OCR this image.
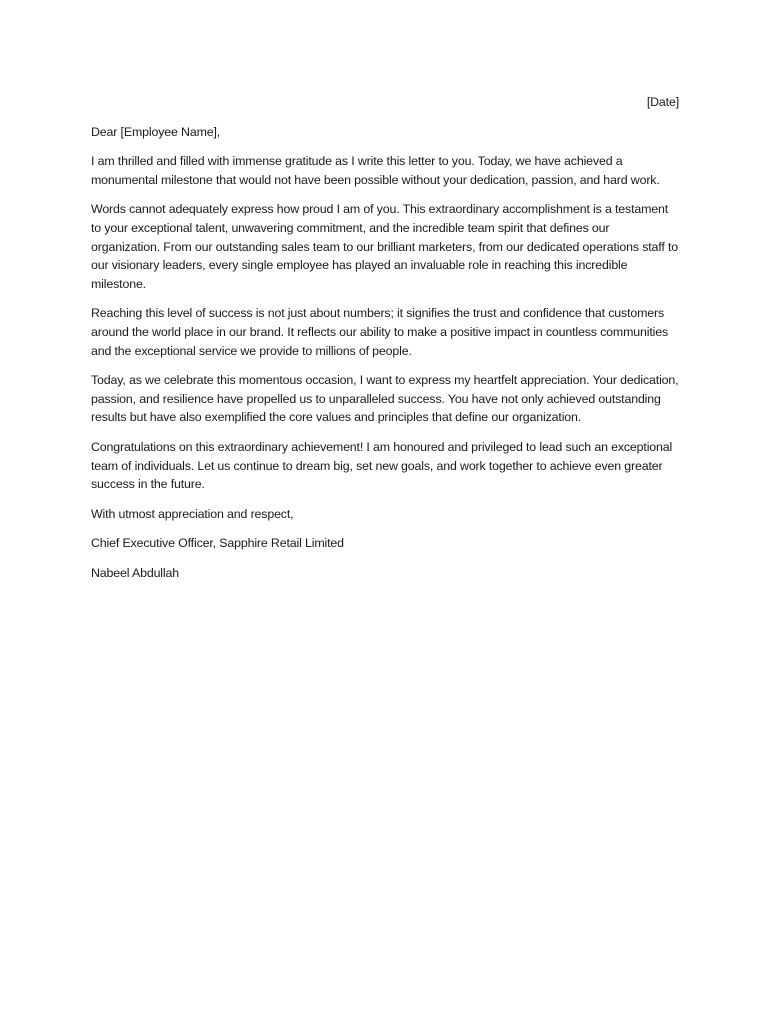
[Date]
Dear [Employee Name],
I am thrilled and filled with immense gratitude as I write this letter to you. Today, we have achieved a monumental milestone that would not have been possible without your dedication, passion, and hard work.
Words cannot adequately express how proud I am of you. This extraordinary accomplishment is a testament to your exceptional talent, unwavering commitment, and the incredible team spirit that defines our organization. From our outstanding sales team to our brilliant marketers, from our dedicated operations staff to our visionary leaders, every single employee has played an invaluable role in reaching this incredible milestone.
Reaching this level of success is not just about numbers; it signifies the trust and confidence that customers around the world place in our brand. It reflects our ability to make a positive impact in countless communities and the exceptional service we provide to millions of people.
Today, as we celebrate this momentous occasion, I want to express my heartfelt appreciation. Your dedication, passion, and resilience have propelled us to unparalleled success. You have not only achieved outstanding results but have also exemplified the core values and principles that define our organization.
Congratulations on this extraordinary achievement! I am honoured and privileged to lead such an exceptional team of individuals. Let us continue to dream big, set new goals, and work together to achieve even greater success in the future.
With utmost appreciation and respect,
Chief Executive Officer, Sapphire Retail Limited
Nabeel Abdullah
